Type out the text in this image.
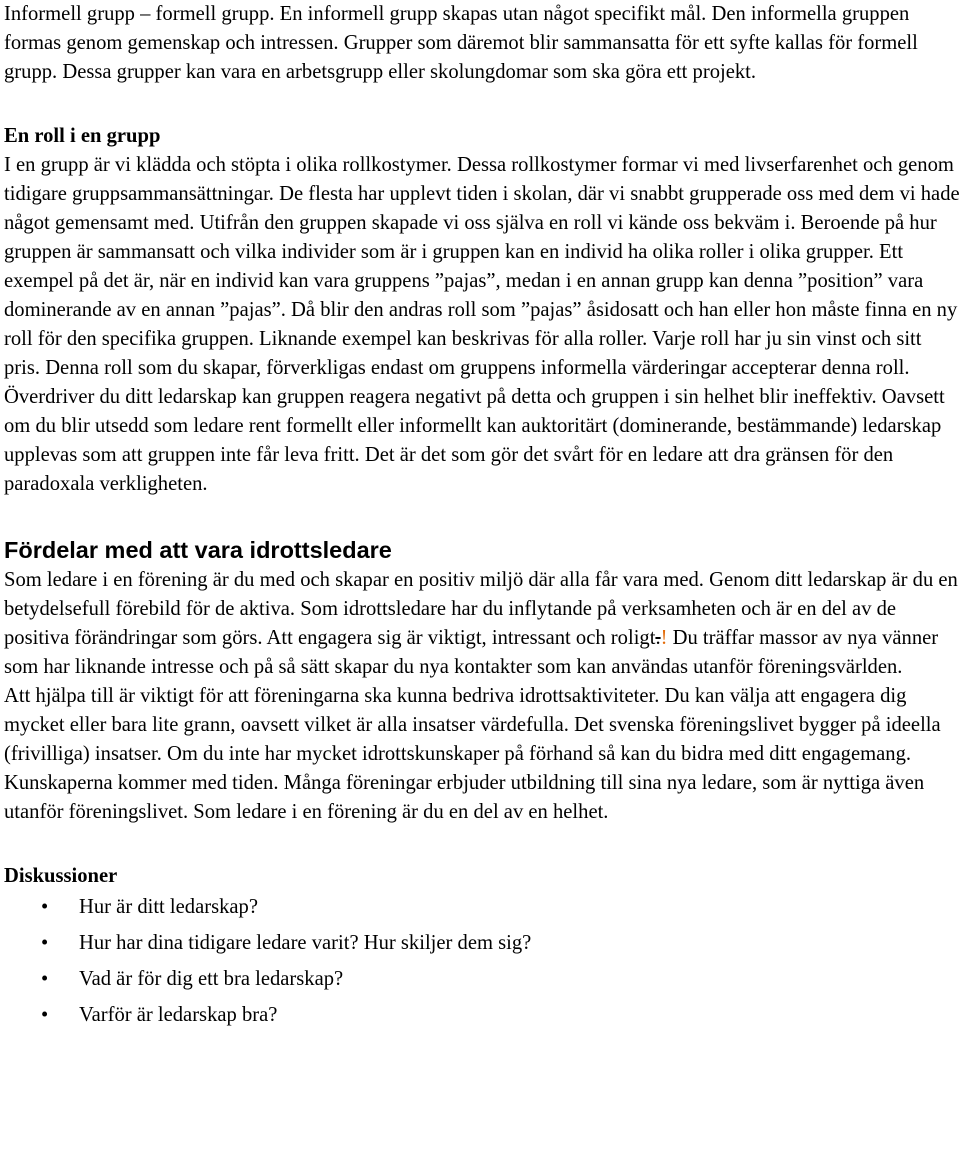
Informell grupp – formell grupp. En informell grupp skapas utan något specifikt mål. Den informella gruppen formas genom gemenskap och intressen. Grupper som däremot blir sammansatta för ett syfte kallas för formell grupp. Dessa grupper kan vara en arbetsgrupp eller skolungdomar som ska göra ett projekt.

En roll i en grupp

I en grupp är vi klädda och stöpta i olika rollkostymer. Dessa rollkostymer formar vi med livserfarenhet och genom tidigare gruppsammansättningar. De flesta har upplevt tiden i skolan, där vi snabbt grupperade oss med dem vi hade något gemensamt med. Utifrån den gruppen skapade vi oss själva en roll vi kände oss bekväm i. Beroende på hur gruppen är sammansatt och vilka individer som är i gruppen kan en individ ha olika roller i olika grupper. Ett exempel på det är, när en individ kan vara gruppens ”pajas”, medan i en annan grupp kan denna ”position” vara dominerande av en annan ”pajas”. Då blir den andras roll som ”pajas” åsidosatt och han eller hon måste finna en ny roll för den specifika gruppen. Liknande exempel kan beskrivas för alla roller. Varje roll har ju sin vinst och sitt pris. Denna roll som du skapar, förverkligas endast om gruppens informella värderingar accepterar denna roll. Överdriver du ditt ledarskap kan gruppen reagera negativt på detta och gruppen i sin helhet blir ineffektiv. Oavsett om du blir utsedd som ledare rent formellt eller informellt kan auktoritärt (dominerande, bestämmande) ledarskap upplevas som att gruppen inte får leva fritt. Det är det som gör det svårt för en ledare att dra gränsen för den paradoxala verkligheten.

Fördelar med att vara idrottsledare

Som ledare i en förening är du med och skapar en positiv miljö där alla får vara med. Genom ditt ledarskap är du en betydelsefull förebild för de aktiva. Som idrottsledare har du inflytande på verksamheten och är en del av de positiva förändringar som görs. Att engagera sig är viktigt, intressant och roligt.! Du träffar massor av nya vänner som har liknande intresse och på så sätt skapar du nya kontakter som kan användas utanför föreningsvärlden.

Att hjälpa till är viktigt för att föreningarna ska kunna bedriva idrottsaktiviteter. Du kan välja att engagera dig mycket eller bara lite grann, oavsett vilket är alla insatser värdefulla. Det svenska föreningslivet bygger på ideella (frivilliga) insatser. Om du inte har mycket idrottskunskaper på förhand så kan du bidra med ditt engagemang. Kunskaperna kommer med tiden. Många föreningar erbjuder utbildning till sina nya ledare, som är nyttiga även utanför föreningslivet. Som ledare i en förening är du en del av en helhet.

Diskussioner
• Hur är ditt ledarskap?
• Hur har dina tidigare ledare varit? Hur skiljer dem sig?
• Vad är för dig ett bra ledarskap?
• Varför är ledarskap bra?
